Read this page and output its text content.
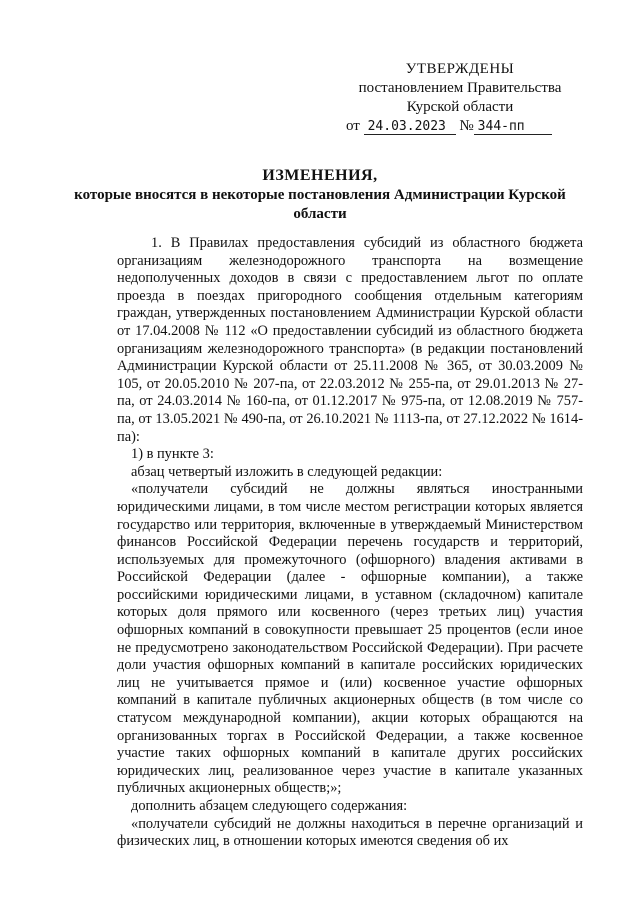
УТВЕРЖДЕНЫ
постановлением Правительства
Курской области
от 24.03.2023 № 344-пп
ИЗМЕНЕНИЯ,
которые вносятся в некоторые постановления Администрации Курской области

1. В Правилах предоставления субсидий из областного бюджета организациям железнодорожного транспорта на возмещение недополученных доходов в связи с предоставлением льгот по оплате проезда в поездах пригородного сообщения отдельным категориям граждан, утвержденных постановлением Администрации Курской области от 17.04.2008 № 112 «О предоставлении субсидий из областного бюджета организациям железнодорожного транспорта» (в редакции постановлений Администрации Курской области от 25.11.2008 № 365, от 30.03.2009 № 105, от 20.05.2010 № 207-па, от 22.03.2012 № 255-па, от 29.01.2013 № 27-па, от 24.03.2014 № 160-па, от 01.12.2017 № 975-па, от 12.08.2019 № 757-па, от 13.05.2021 № 490-па, от 26.10.2021 № 1113-па, от 27.12.2022 № 1614-па):

1) в пункте 3:

абзац четвертый изложить в следующей редакции:

«получатели субсидий не должны являться иностранными юридическими лицами, в том числе местом регистрации которых является государство или территория, включенные в утверждаемый Министерством финансов Российской Федерации перечень государств и территорий, используемых для промежуточного (офшорного) владения активами в Российской Федерации (далее - офшорные компании), а также российскими юридическими лицами, в уставном (складочном) капитале которых доля прямого или косвенного (через третьих лиц) участия офшорных компаний в совокупности превышает 25 процентов (если иное не предусмотрено законодательством Российской Федерации). При расчете доли участия офшорных компаний в капитале российских юридических лиц не учитывается прямое и (или) косвенное участие офшорных компаний в капитале публичных акционерных обществ (в том числе со статусом международной компании), акции которых обращаются на организованных торгах в Российской Федерации, а также косвенное участие таких офшорных компаний в капитале других российских юридических лиц, реализованное через участие в капитале указанных публичных акционерных обществ;»;

дополнить абзацем следующего содержания:

«получатели субсидий не должны находиться в перечне организаций и физических лиц, в отношении которых имеются сведения об их
